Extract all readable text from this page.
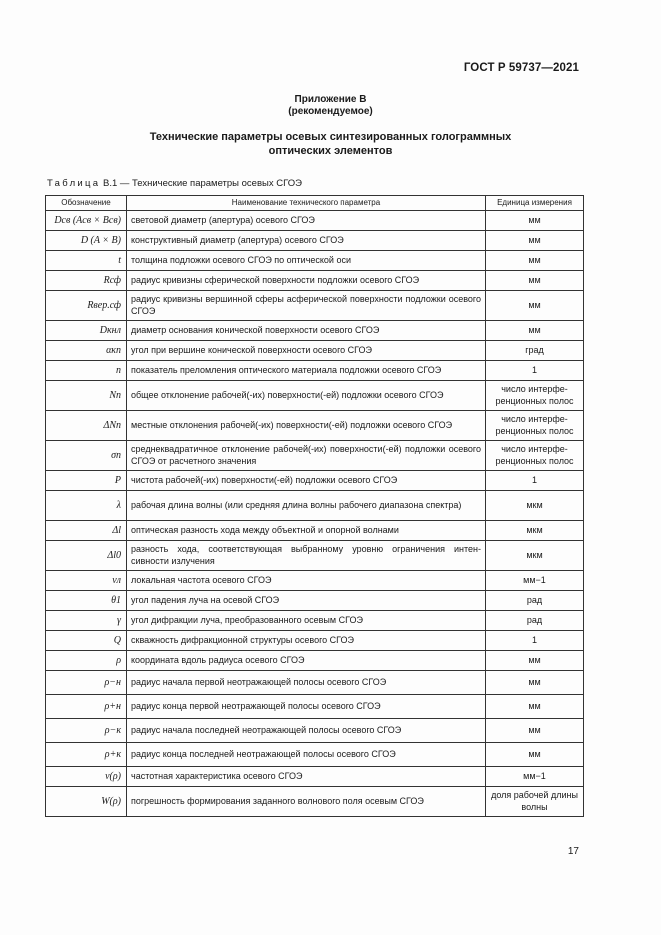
ГОСТ Р 59737—2021
Приложение В
(рекомендуемое)
Технические параметры осевых синтезированных голограммных
оптических элементов
Таблица В.1 — Технические параметры осевых СГОЭ
Обозначение	Наименование технического параметра	Единица измерения
Dсв (Aсв × Bсв)	световой диаметр (апертура) осевого СГОЭ	мм
D (A × B)	конструктивный диаметр (апертура) осевого СГОЭ	мм
t	толщина подложки осевого СГОЭ по оптической оси	мм
Rсф	радиус кривизны сферической поверхности подложки осевого СГОЭ	мм
Rвер.сф	радиус кривизны вершинной сферы асферической поверхности подложки осевого СГОЭ	мм
Dкнл	диаметр основания конической поверхности осевого СГОЭ	мм
αкп	угол при вершине конической поверхности осевого СГОЭ	град
n	показатель преломления оптического материала подложки осевого СГОЭ	1
Nп	общее отклонение рабочей(-их) поверхности(-ей) подложки осевого СГОЭ	число интерфе- ренционных полос
ΔNп	местные отклонения рабочей(-их) поверхности(-ей) подложки осевого СГОЭ	число интерфе- ренционных полос
σп	среднеквадратичное отклонение рабочей(-их) поверхности(-ей) подложки осевого СГОЭ от расчетного значения	число интерфе- ренционных полос
P	чистота рабочей(-их) поверхности(-ей) подложки осевого СГОЭ	1
λ	рабочая длина волны (или средняя длина волны рабочего диапазона спектра)	мкм
Δl	оптическая разность хода между объектной и опорной волнами	мкм
Δl0	разность хода, соответствующая выбранному уровню ограничения интен- сивности излучения	мкм
νл	локальная частота осевого СГОЭ	мм−1
θ1	угол падения луча на осевой СГОЭ	рад
γ	угол дифракции луча, преобразованного осевым СГОЭ	рад
Q	скважность дифракционной структуры осевого СГОЭ	1
ρ	координата вдоль радиуса осевого СГОЭ	мм
ρ−н	радиус начала первой неотражающей полосы осевого СГОЭ	мм
ρ+н	радиус конца первой неотражающей полосы осевого СГОЭ	мм
ρ−к	радиус начала последней неотражающей полосы осевого СГОЭ	мм
ρ+к	радиус конца последней неотражающей полосы осевого СГОЭ	мм
ν(ρ)	частотная характеристика осевого СГОЭ	мм−1
W(ρ)	погрешность формирования заданного волнового поля осевым СГОЭ	доля рабочей длины волны
17
